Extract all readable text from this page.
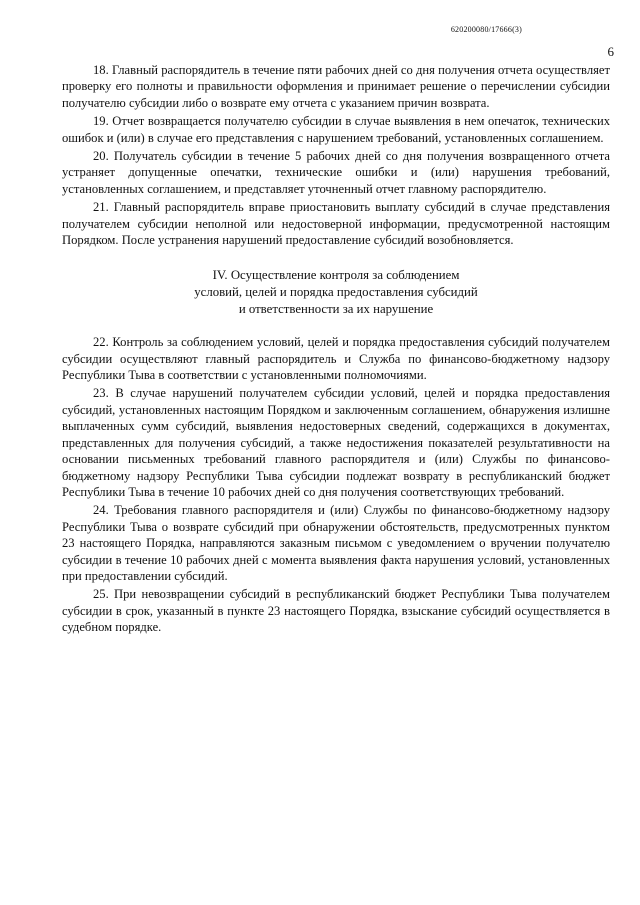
620200080/17666(3)
6

18. Главный распорядитель в течение пяти рабочих дней со дня получения отчета осуществляет проверку его полноты и правильности оформления и принимает решение о перечислении субсидии получателю субсидии либо о возврате ему отчета с указанием причин возврата.

19. Отчет возвращается получателю субсидии в случае выявления в нем опечаток, технических ошибок и (или) в случае его представления с нарушением требований, установленных соглашением.

20. Получатель субсидии в течение 5 рабочих дней со дня получения возвращенного отчета устраняет допущенные опечатки, технические ошибки и (или) нарушения требований, установленных соглашением, и представляет уточненный отчет главному распорядителю.

21. Главный распорядитель вправе приостановить выплату субсидий в случае представления получателем субсидии неполной или недостоверной информации, предусмотренной настоящим Порядком. После устранения нарушений предоставление субсидий возобновляется.

IV. Осуществление контроля за соблюдением
условий, целей и порядка предоставления субсидий
и ответственности за их нарушение

22. Контроль за соблюдением условий, целей и порядка предоставления субсидий получателем субсидии осуществляют главный распорядитель и Служба по финансово-бюджетному надзору Республики Тыва в соответствии с установленными полномочиями.

23. В случае нарушений получателем субсидии условий, целей и порядка предоставления субсидий, установленных настоящим Порядком и заключенным соглашением, обнаружения излишне выплаченных сумм субсидий, выявления недостоверных сведений, содержащихся в документах, представленных для получения субсидий, а также недостижения показателей результативности на основании письменных требований главного распорядителя и (или) Службы по финансово-бюджетному надзору Республики Тыва субсидии подлежат возврату в республиканский бюджет Республики Тыва в течение 10 рабочих дней со дня получения соответствующих требований.

24. Требования главного распорядителя и (или) Службы по финансово-бюджетному надзору Республики Тыва о возврате субсидий при обнаружении обстоятельств, предусмотренных пунктом 23 настоящего Порядка, направляются заказным письмом с уведомлением о вручении получателю субсидии в течение 10 рабочих дней с момента выявления факта нарушения условий, установленных при предоставлении субсидий.

25. При невозвращении субсидий в республиканский бюджет Республики Тыва получателем субсидии в срок, указанный в пункте 23 настоящего Порядка, взыскание субсидий осуществляется в судебном порядке.
